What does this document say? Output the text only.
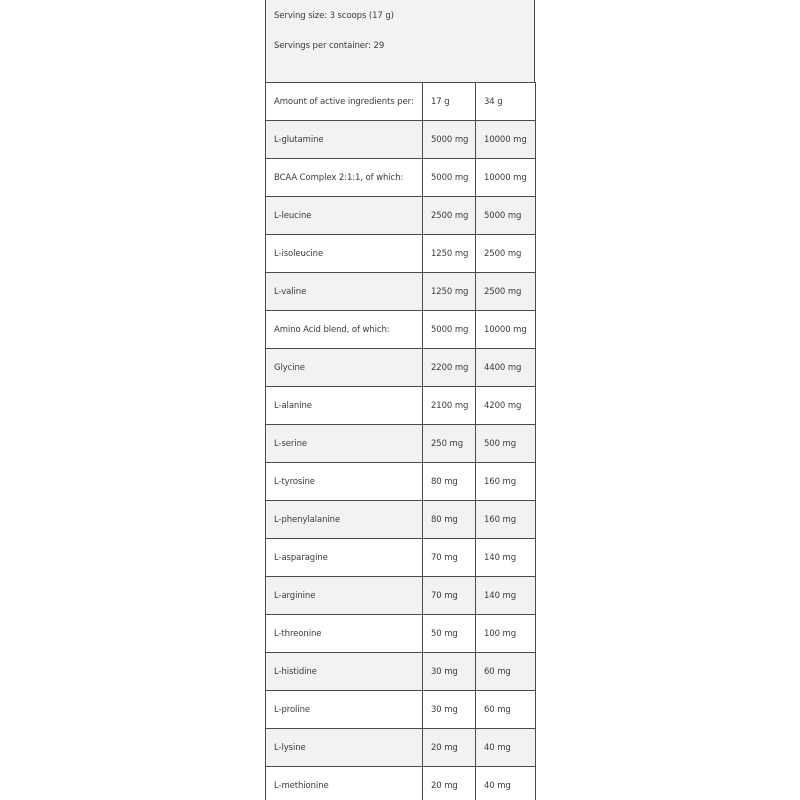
Serving size: 3 scoops (17 g)
Servings per container: 29
Amount of active ingredients per:	17 g	34 g
L-glutamine	5000 mg	10000 mg
BCAA Complex 2:1:1, of which:	5000 mg	10000 mg
L-leucine	2500 mg	5000 mg
L-isoleucine	1250 mg	2500 mg
L-valine	1250 mg	2500 mg
Amino Acid blend, of which:	5000 mg	10000 mg
Glycine	2200 mg	4400 mg
L-alanine	2100 mg	4200 mg
L-serine	250 mg	500 mg
L-tyrosine	80 mg	160 mg
L-phenylalanine	80 mg	160 mg
L-asparagine	70 mg	140 mg
L-arginine	70 mg	140 mg
L-threonine	50 mg	100 mg
L-histidine	30 mg	60 mg
L-proline	30 mg	60 mg
L-lysine	20 mg	40 mg
L-methionine	20 mg	40 mg
